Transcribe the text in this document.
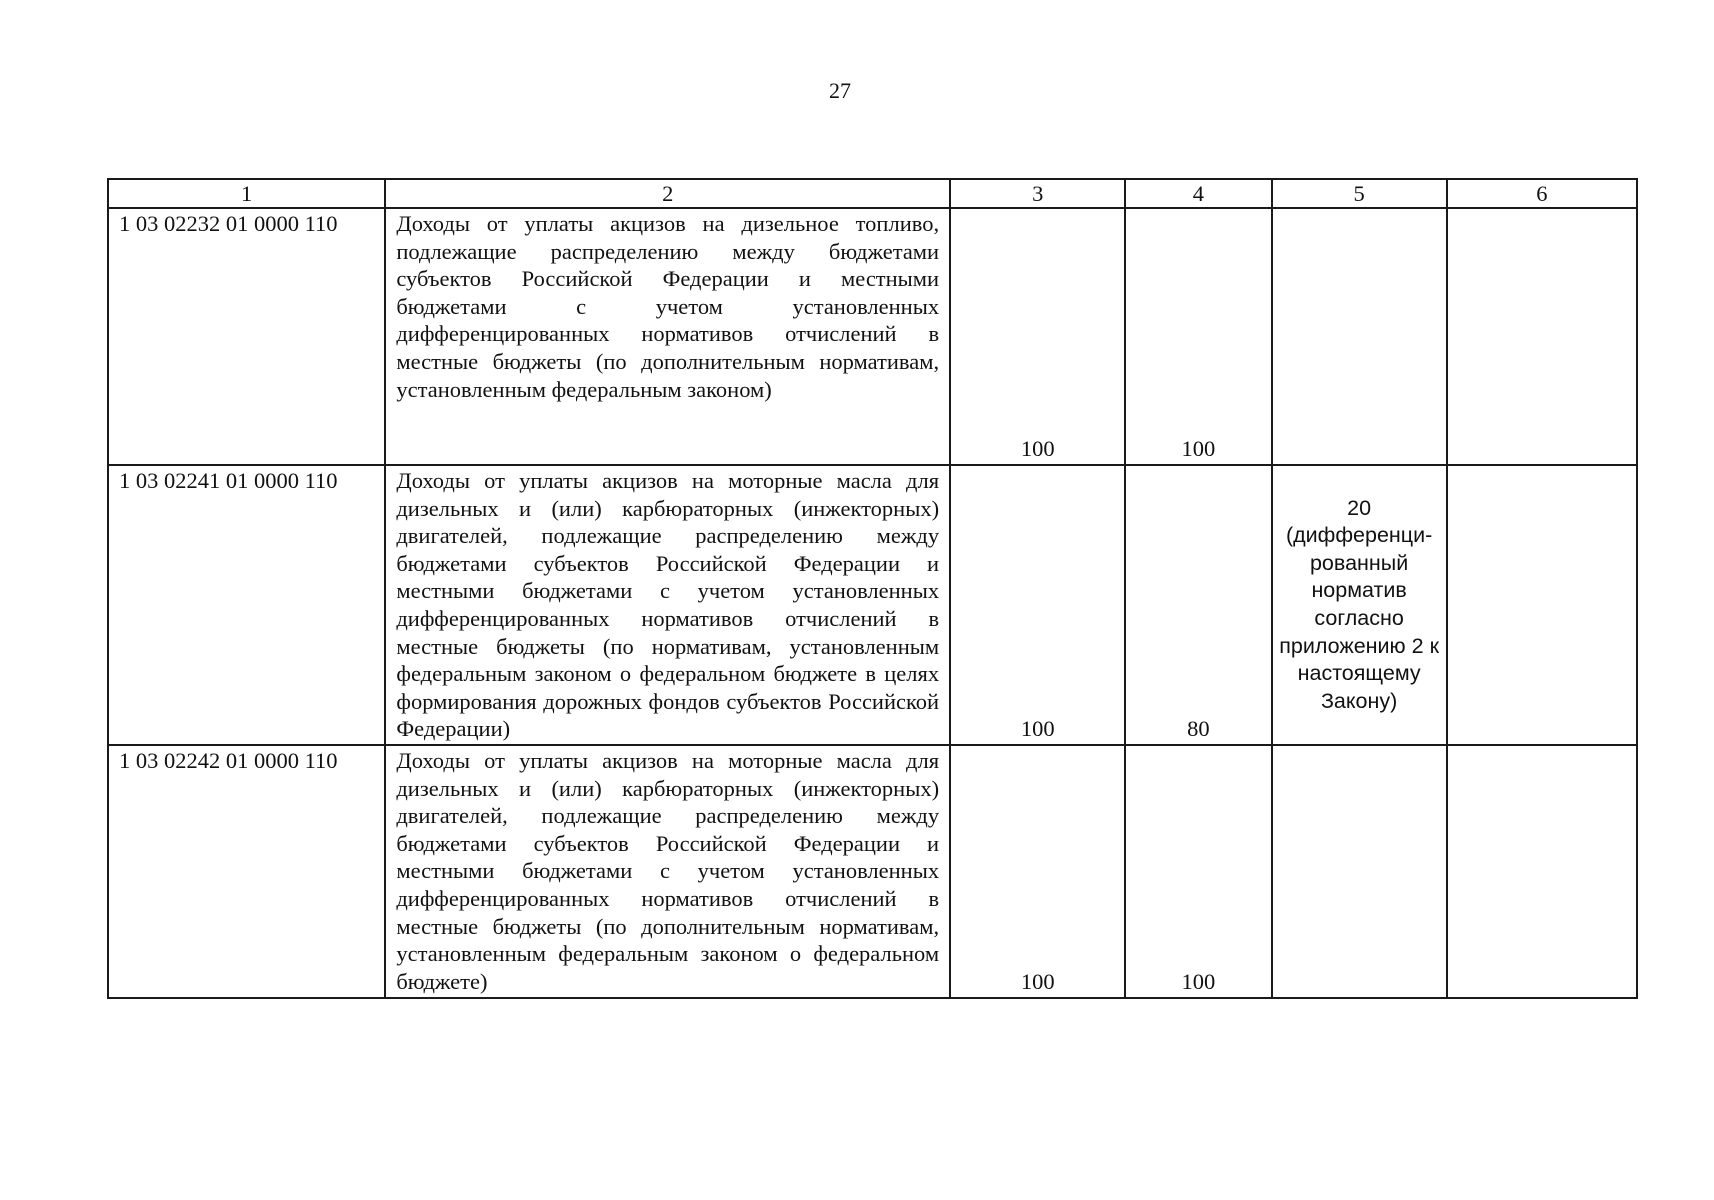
27
1	2	3	4	5	6
1 03 02232 01 0000 110	Доходы от уплаты акцизов на дизельное топливо, подлежащие распределению между бюджетами субъектов Российской Федерации и местными бюджетами с учетом установленных дифференцированных нормативов отчислений в местные бюджеты (по дополнительным нормативам, установленным федеральным законом)	100	100		
1 03 02241 01 0000 110	Доходы от уплаты акцизов на моторные масла для дизельных и (или) карбюраторных (инжекторных) двигателей, подлежащие распределению между бюджетами субъектов Российской Федерации и местными бюджетами с учетом установленных дифференцированных нормативов отчислений в местные бюджеты (по нормативам, установленным федеральным законом о федеральном бюджете в целях формирования дорожных фондов субъектов Российской Федерации)	100	80	20 (дифференци-рованный норматив согласно приложению 2 к настоящему Закону)	
1 03 02242 01 0000 110	Доходы от уплаты акцизов на моторные масла для дизельных и (или) карбюраторных (инжекторных) двигателей, подлежащие распределению между бюджетами субъектов Российской Федерации и местными бюджетами с учетом установленных дифференцированных нормативов отчислений в местные бюджеты (по дополнительным нормативам, установленным федеральным законом о федеральном бюджете)	100	100		
